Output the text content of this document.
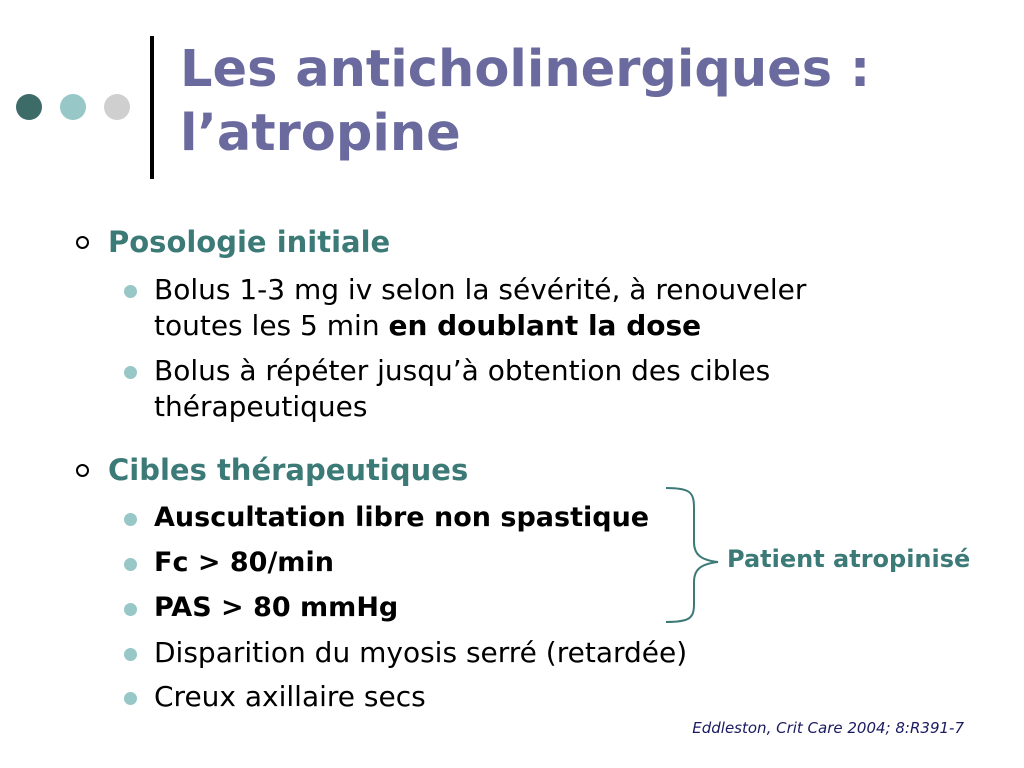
Les anticholinergiques :
l’atropine
Posologie initiale
Bolus 1-3 mg iv selon la sévérité, à renouveler
toutes les 5 min en doublant la dose
Bolus à répéter jusqu’à obtention des cibles
thérapeutiques
Cibles thérapeutiques
Auscultation libre non spastique
Fc > 80/min
PAS > 80 mmHg
Disparition du myosis serré (retardée)
Creux axillaire secs
Patient atropinisé
Eddleston, Crit Care 2004; 8:R391-7
